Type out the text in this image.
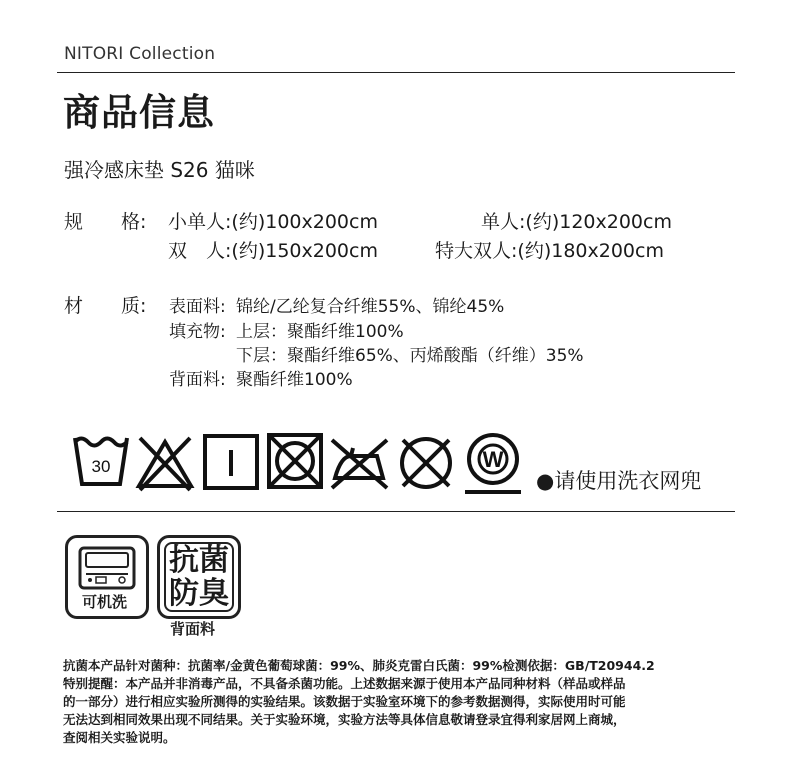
NITORI Collection
商品信息
强冷感床垫 S26 猫咪
规　　格: 小单人:(约)100x200cm	单人:(约)120x200cm
双　人:(约)150x200cm	特大双人:(约)180x200cm
材　　质: 表面料: 锦纶/乙纶复合纤维55%、锦纶45%
填充物: 上层：聚酯纤维100%
下层：聚酯纤维65%、丙烯酸酯（纤维）35%
背面料: 聚酯纤维100%
30	W
●请使用洗衣网兜
可机洗
抗菌
防臭
背面料
抗菌本产品针对菌种：抗菌率/金黄色葡萄球菌：99%、肺炎克雷白氏菌：99%检测依据：GB/T20944.2
特别提醒：本产品并非消毒产品，不具备杀菌功能。上述数据来源于使用本产品同种材料（样品或样品
的一部分）进行相应实验所测得的实验结果。该数据于实验室环境下的参考数据测得，实际使用时可能
无法达到相同效果出现不同结果。关于实验环境，实验方法等具体信息敬请登录宜得利家居网上商城，
查阅相关实验说明。
